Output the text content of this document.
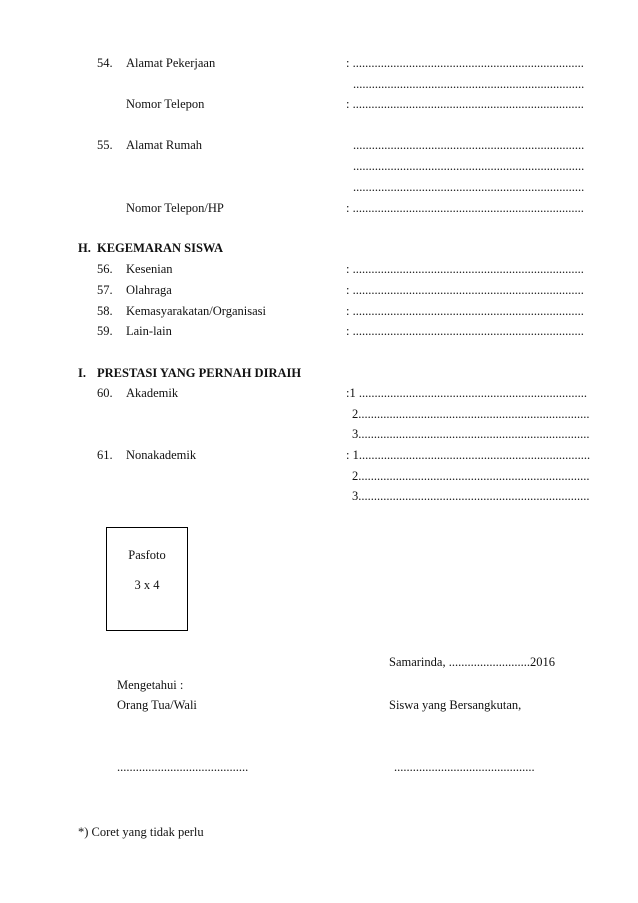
54. Alamat Pekerjaan	: ..........................................................................
..........................................................................
Nomor Telepon	: ..........................................................................
55. Alamat Rumah	..........................................................................
..........................................................................
..........................................................................
Nomor Telepon/HP	: ..........................................................................
H. KEGEMARAN SISWA
56. Kesenian	: ..........................................................................
57. Olahraga	: ..........................................................................
58. Kemasyarakatan/Organisasi	: ..........................................................................
59. Lain-lain	: ..........................................................................
I. PRESTASI YANG PERNAH DIRAIH
60. Akademik	:1 .........................................................................
2..........................................................................
3..........................................................................
61. Nonakademik	: 1..........................................................................
2..........................................................................
3..........................................................................
Pasfoto
3 x 4
Samarinda, ..........................2016
Mengetahui :
Orang Tua/Wali	Siswa yang Bersangkutan,
..........................................	.............................................
*) Coret yang tidak perlu
